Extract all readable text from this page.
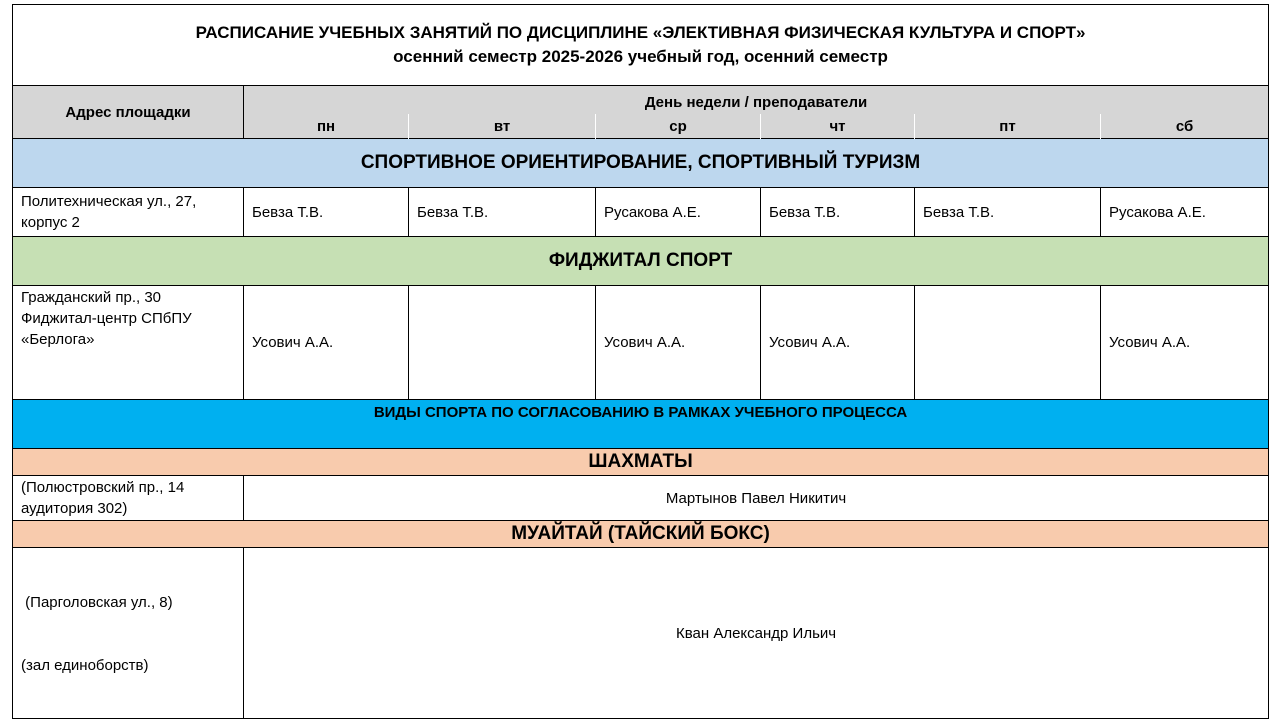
РАСПИСАНИЕ УЧЕБНЫХ ЗАНЯТИЙ ПО ДИСЦИПЛИНЕ «ЭЛЕКТИВНАЯ ФИЗИЧЕСКАЯ КУЛЬТУРА И СПОРТ»
осенний семестр 2025-2026 учебный год, осенний семестр						

Адрес площадки	День недели / преподаватели					
	пн	вт	ср	чт	пт	сб
СПОРТИВНОЕ ОРИЕНТИРОВАНИЕ, СПОРТИВНЫЙ ТУРИЗМ						

Политехническая ул., 27,
корпус 2	Бевза Т.В.	Бевза Т.В.	Русакова А.Е.	Бевза Т.В.	Бевза Т.В.	Русакова А.Е.
ФИДЖИТАЛ СПОРТ						

Гражданский пр., 30
Фиджитал-центр СПбПУ
«Берлога»	Усович А.А.		Усович А.А.	Усович А.А.		Усович А.А.
ВИДЫ СПОРТА ПО СОГЛАСОВАНИЮ В РАМКАХ УЧЕБНОГО ПРОЦЕССА						
ШАХМАТЫ						

(Полюстровский пр., 14
аудитория 302)	Мартынов Павел Никитич					
МУАЙТАЙ (ТАЙСКИЙ БОКС)						

(Парголовская ул., 8)

(зал единоборств)	Кван Александр Ильич					
